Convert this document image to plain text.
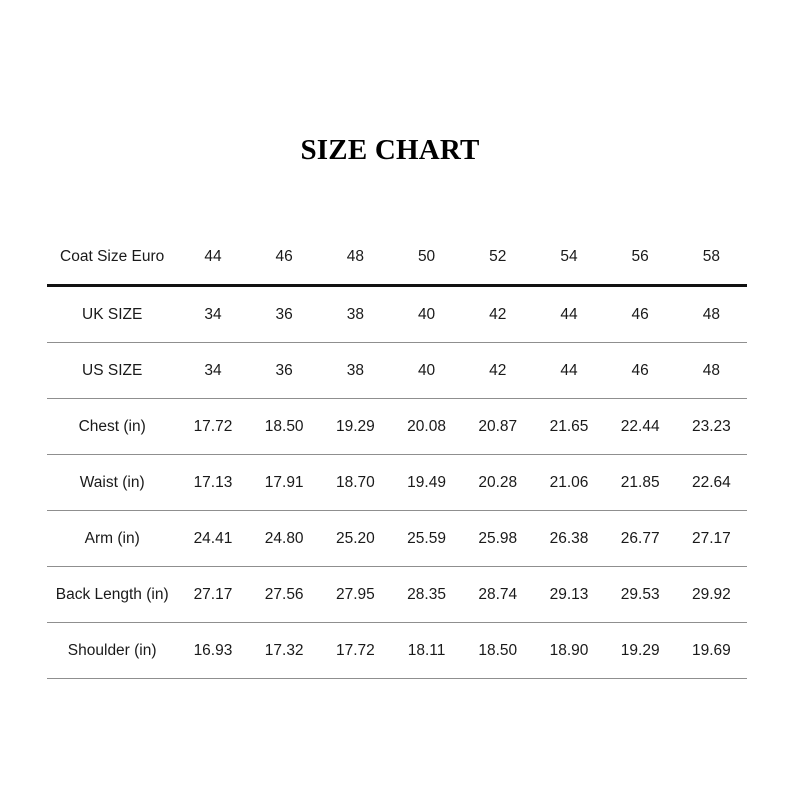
SIZE CHART
Coat Size Euro	44	46	48	50	52	54	56	58
UK SIZE	34	36	38	40	42	44	46	48
US SIZE	34	36	38	40	42	44	46	48
Chest (in)	17.72	18.50	19.29	20.08	20.87	21.65	22.44	23.23
Waist (in)	17.13	17.91	18.70	19.49	20.28	21.06	21.85	22.64
Arm (in)	24.41	24.80	25.20	25.59	25.98	26.38	26.77	27.17
Back Length (in)	27.17	27.56	27.95	28.35	28.74	29.13	29.53	29.92
Shoulder (in)	16.93	17.32	17.72	18.11	18.50	18.90	19.29	19.69
